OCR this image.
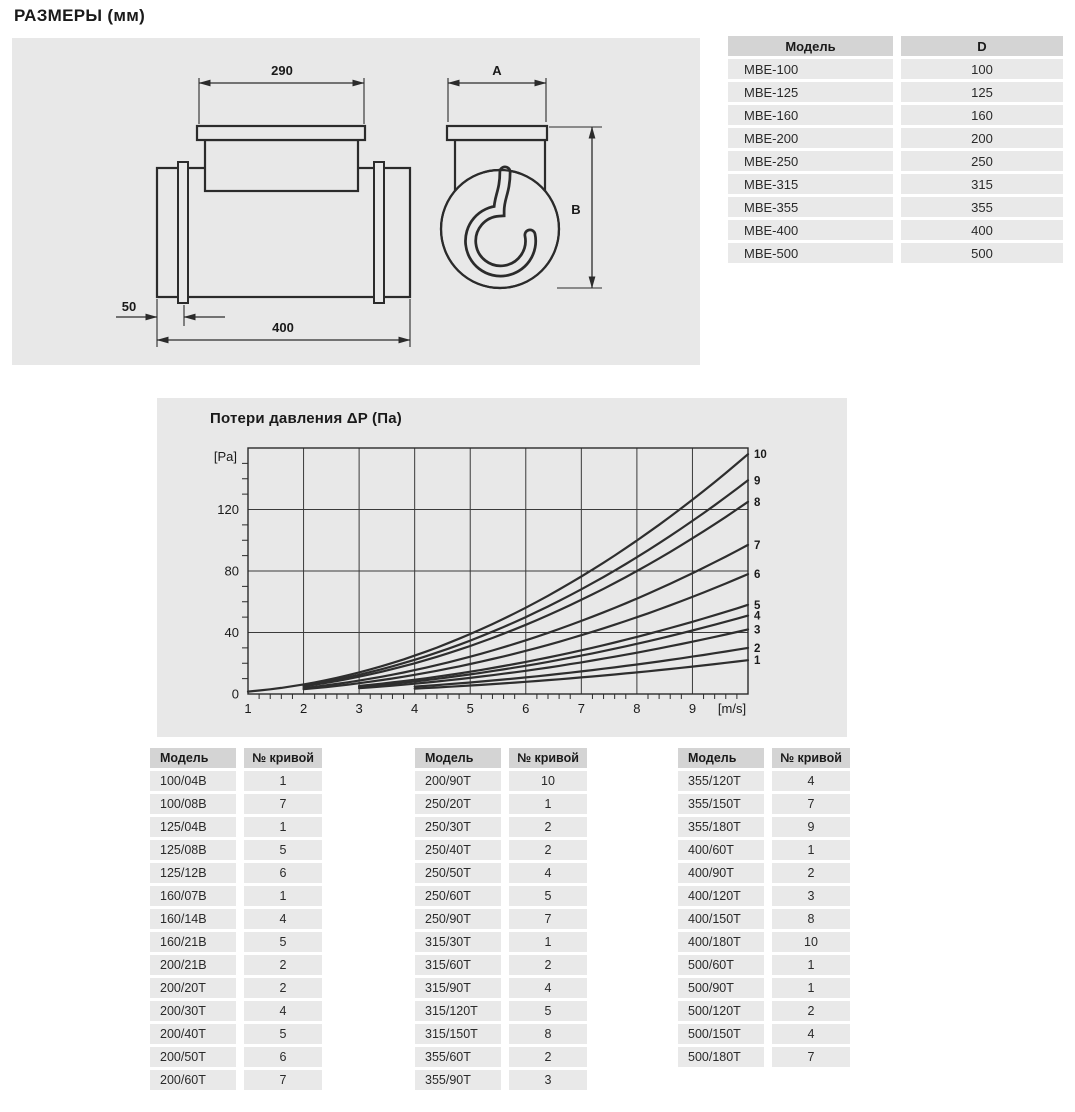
РАЗМЕРЫ (мм)
290
50
400
A
B
Модель	D
МВЕ-100	100
МВЕ-125	125
МВЕ-160	160
МВЕ-200	200
МВЕ-250	250
МВЕ-315	315
МВЕ-355	355
МВЕ-400	400
МВЕ-500	500
0
40
80
120
1	2	3	4	5	6	7	8	9
[Pa]
[m/s]
1
2
3
4
5
6
7
8
9
10
Потери давления ΔP (Па)
Модель	№ кривой
100/04В	1
100/08В	7
125/04В	1
125/08В	5
125/12В	6
160/07В	1
160/14В	4
160/21В	5
200/21В	2
200/20Т	2
200/30Т	4
200/40Т	5
200/50Т	6
200/60Т	7
Модель	№ кривой
200/90Т	10
250/20Т	1
250/30Т	2
250/40Т	2
250/50Т	4
250/60Т	5
250/90Т	7
315/30Т	1
315/60Т	2
315/90Т	4
315/120Т	5
315/150Т	8
355/60Т	2
355/90Т	3
Модель	№ кривой
355/120Т	4
355/150Т	7
355/180Т	9
400/60Т	1
400/90Т	2
400/120Т	3
400/150Т	8
400/180Т	10
500/60Т	1
500/90Т	1
500/120Т	2
500/150Т	4
500/180Т	7
